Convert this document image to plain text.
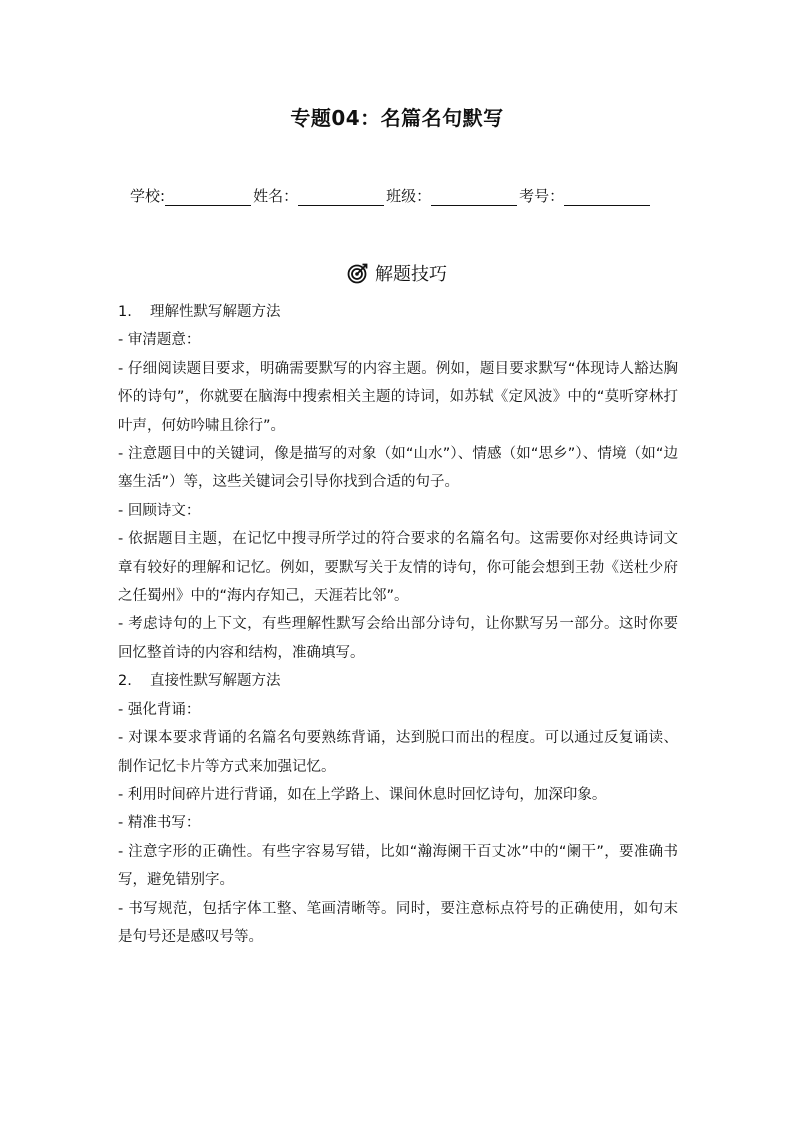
专题04：名篇名句默写
学校:	姓名：	班级：	考号：
解题技巧

1. 理解性默写解题方法

- 审清题意：

- 仔细阅读题目要求，明确需要默写的内容主题。例如，题目要求默写“体现诗人豁达胸怀的诗句”，你就要在脑海中搜索相关主题的诗词，如苏轼《定风波》中的“莫听穿林打叶声，何妨吟啸且徐行”。

- 注意题目中的关键词，像是描写的对象（如“山水”）、情感（如“思乡”）、情境（如“边塞生活”）等，这些关键词会引导你找到合适的句子。

- 回顾诗文：

- 依据题目主题，在记忆中搜寻所学过的符合要求的名篇名句。这需要你对经典诗词文章有较好的理解和记忆。例如，要默写关于友情的诗句，你可能会想到王勃《送杜少府之任蜀州》中的“海内存知己，天涯若比邻”。

- 考虑诗句的上下文，有些理解性默写会给出部分诗句，让你默写另一部分。这时你要回忆整首诗的内容和结构，准确填写。

2. 直接性默写解题方法

- 强化背诵：

- 对课本要求背诵的名篇名句要熟练背诵，达到脱口而出的程度。可以通过反复诵读、制作记忆卡片等方式来加强记忆。

- 利用时间碎片进行背诵，如在上学路上、课间休息时回忆诗句，加深印象。

- 精准书写：

- 注意字形的正确性。有些字容易写错，比如“瀚海阑干百丈冰”中的“阑干”，要准确书写，避免错别字。

- 书写规范，包括字体工整、笔画清晰等。同时，要注意标点符号的正确使用，如句末是句号还是感叹号等。
